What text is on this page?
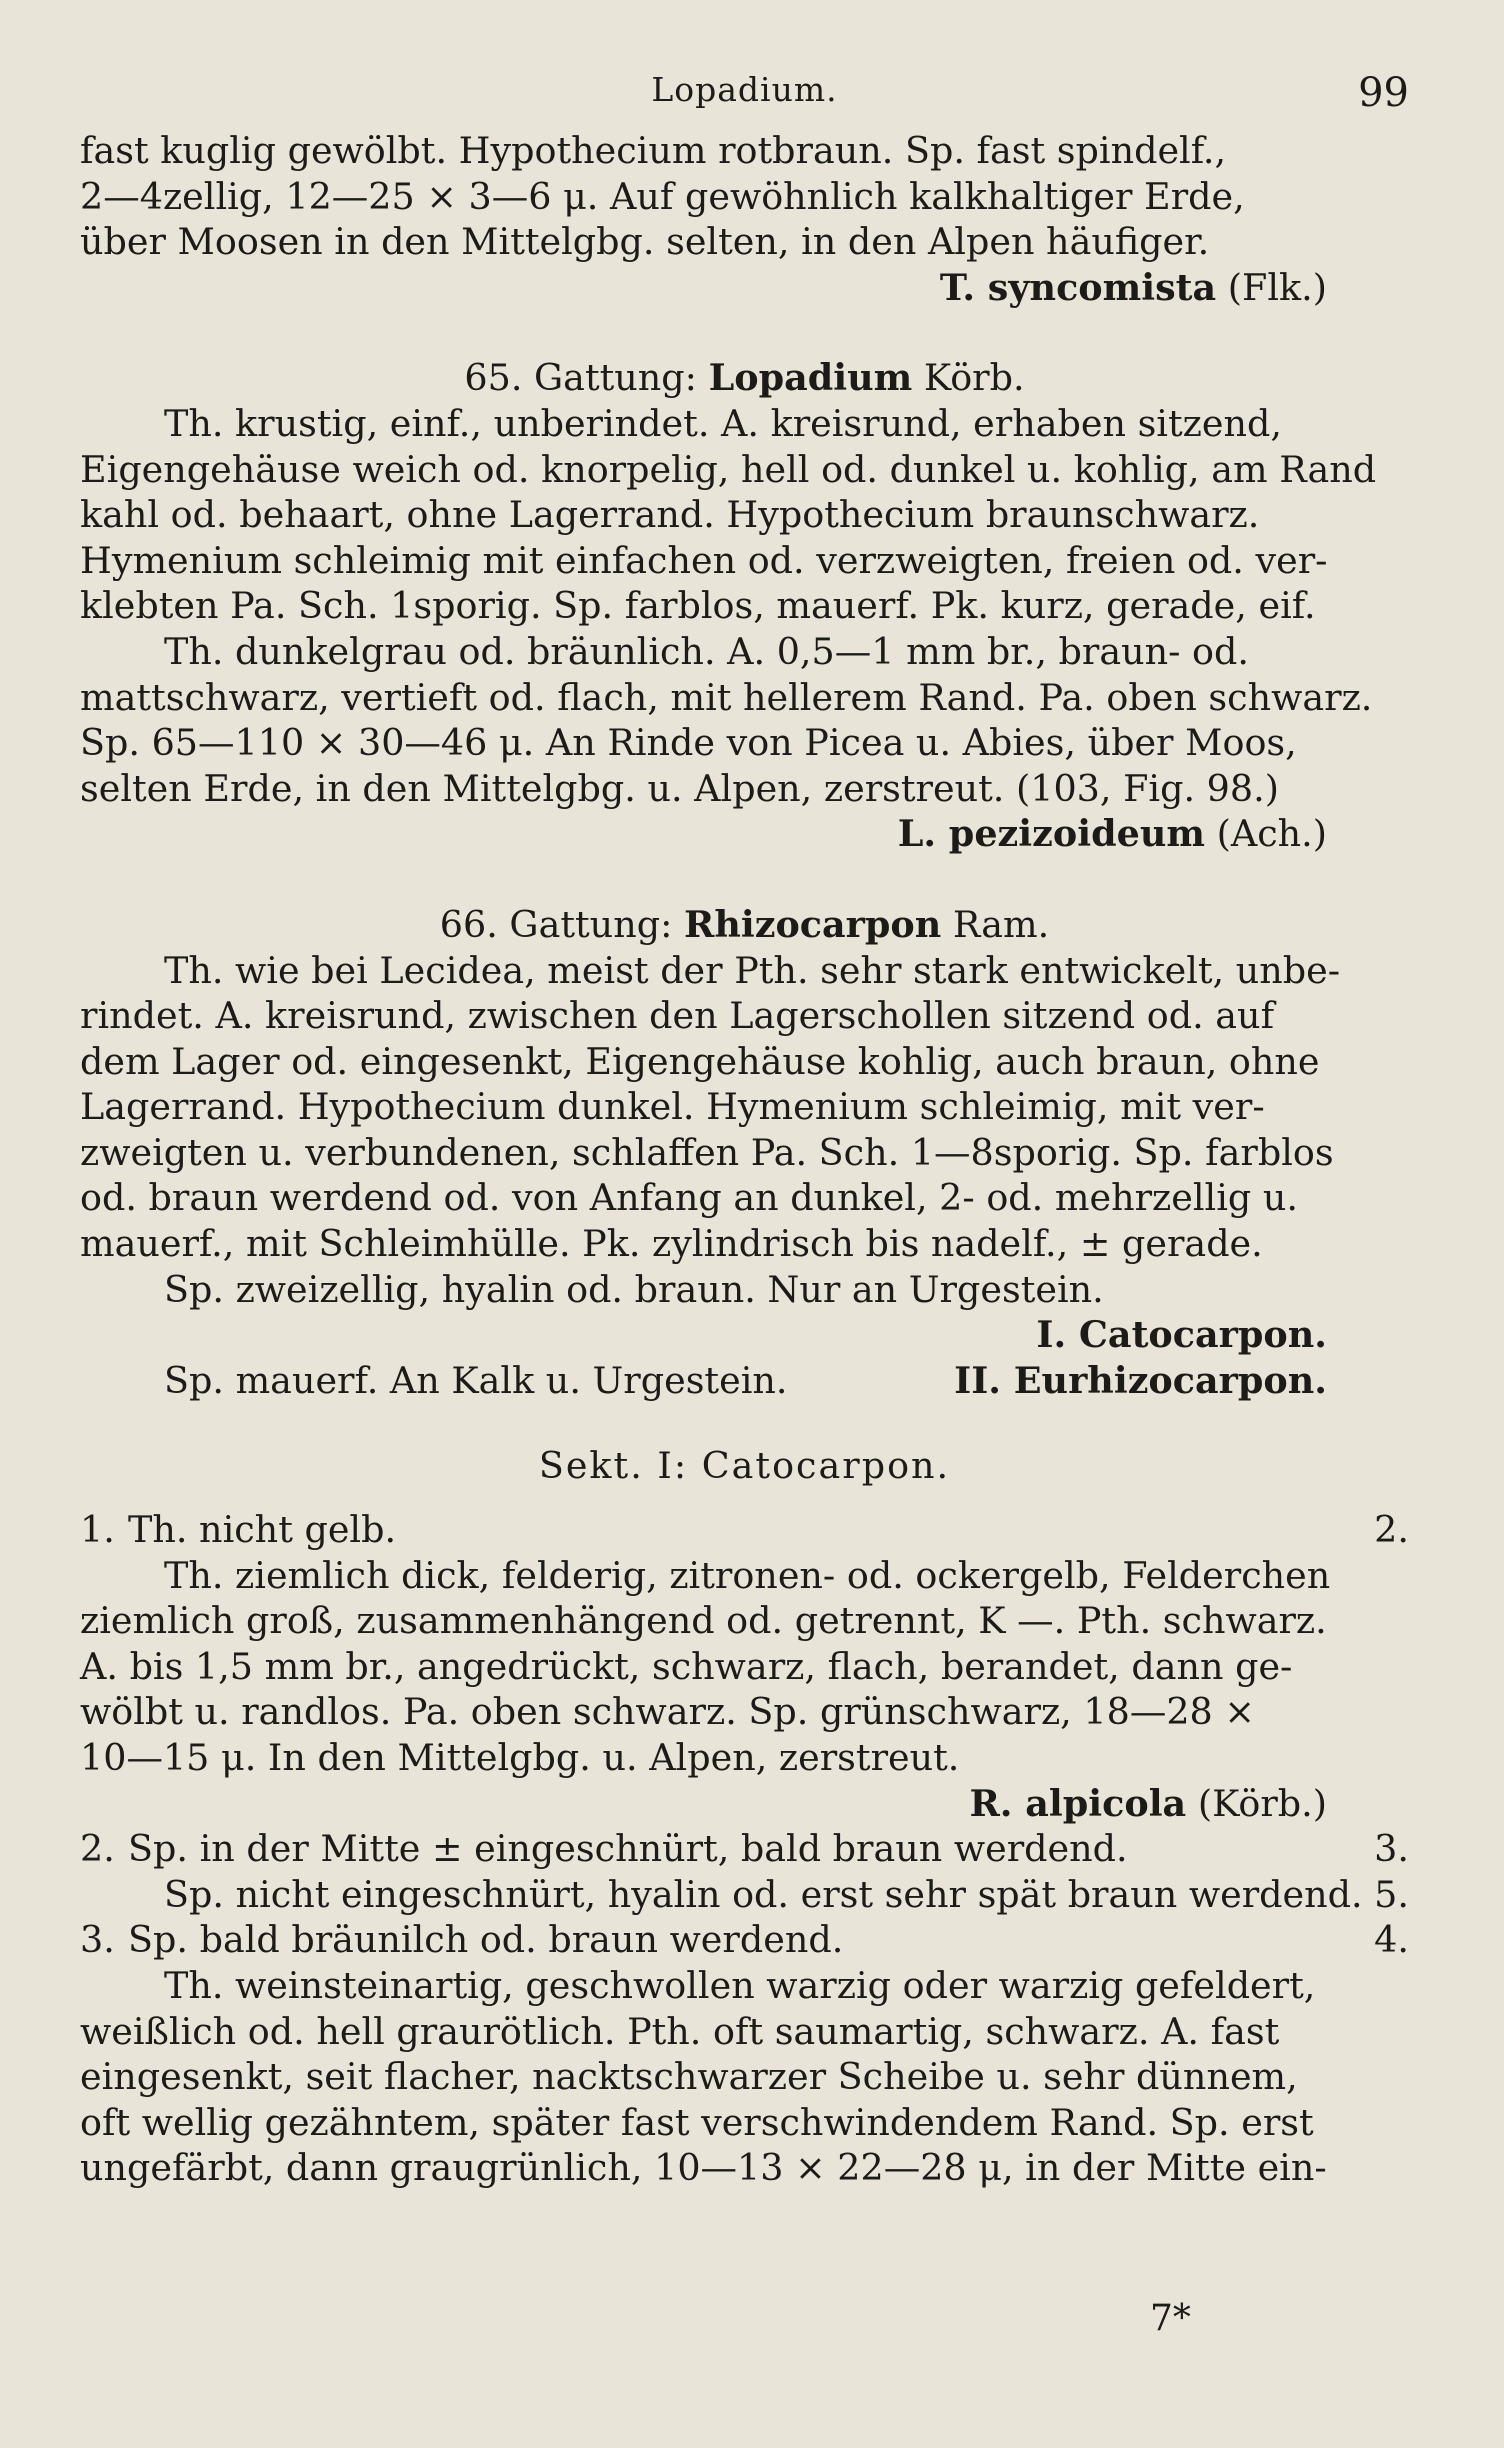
Lopadium.	99
fast kuglig gewölbt. Hypothecium rotbraun. Sp. fast spindelf.,
2—4zellig, 12—25 × 3—6 μ. Auf gewöhnlich kalkhaltiger Erde,
über Moosen in den Mittelgbg. selten, in den Alpen häufiger.
T. syncomista (Flk.)
65. Gattung: Lopadium Körb.
Th. krustig, einf., unberindet. A. kreisrund, erhaben sitzend,
Eigengehäuse weich od. knorpelig, hell od. dunkel u. kohlig, am Rand
kahl od. behaart, ohne Lagerrand. Hypothecium braunschwarz.
Hymenium schleimig mit einfachen od. verzweigten, freien od. ver-
klebten Pa. Sch. 1sporig. Sp. farblos, mauerf. Pk. kurz, gerade, eif.
Th. dunkelgrau od. bräunlich. A. 0,5—1 mm br., braun- od.
mattschwarz, vertieft od. flach, mit hellerem Rand. Pa. oben schwarz.
Sp. 65—110 × 30—46 μ. An Rinde von Picea u. Abies, über Moos,
selten Erde, in den Mittelgbg. u. Alpen, zerstreut. (103, Fig. 98.)
L. pezizoideum (Ach.)
66. Gattung: Rhizocarpon Ram.
Th. wie bei Lecidea, meist der Pth. sehr stark entwickelt, unbe-
rindet. A. kreisrund, zwischen den Lagerschollen sitzend od. auf
dem Lager od. eingesenkt, Eigengehäuse kohlig, auch braun, ohne
Lagerrand. Hypothecium dunkel. Hymenium schleimig, mit ver-
zweigten u. verbundenen, schlaffen Pa. Sch. 1—8sporig. Sp. farblos
od. braun werdend od. von Anfang an dunkel, 2- od. mehrzellig u.
mauerf., mit Schleimhülle. Pk. zylindrisch bis nadelf., ± gerade.
Sp. zweizellig, hyalin od. braun. Nur an Urgestein.
I. Catocarpon.
Sp. mauerf. An Kalk u. Urgestein.	II. Eurhizocarpon.
Sekt. I: Catocarpon.
1. Th. nicht gelb.	2.
Th. ziemlich dick, felderig, zitronen- od. ockergelb, Felderchen
ziemlich groß, zusammenhängend od. getrennt, K —. Pth. schwarz.
A. bis 1,5 mm br., angedrückt, schwarz, flach, berandet, dann ge-
wölbt u. randlos. Pa. oben schwarz. Sp. grünschwarz, 18—28 ×
10—15 μ. In den Mittelgbg. u. Alpen, zerstreut.
R. alpicola (Körb.)
2. Sp. in der Mitte ± eingeschnürt, bald braun werdend.	3.
Sp. nicht eingeschnürt, hyalin od. erst sehr spät braun werdend. 5.
3. Sp. bald bräunilch od. braun werdend.	4.
Th. weinsteinartig, geschwollen warzig oder warzig gefeldert,
weißlich od. hell graurötlich. Pth. oft saumartig, schwarz. A. fast
eingesenkt, seit flacher, nacktschwarzer Scheibe u. sehr dünnem,
oft wellig gezähntem, später fast verschwindendem Rand. Sp. erst
ungefärbt, dann graugrünlich, 10—13 × 22—28 μ, in der Mitte ein-
7*
